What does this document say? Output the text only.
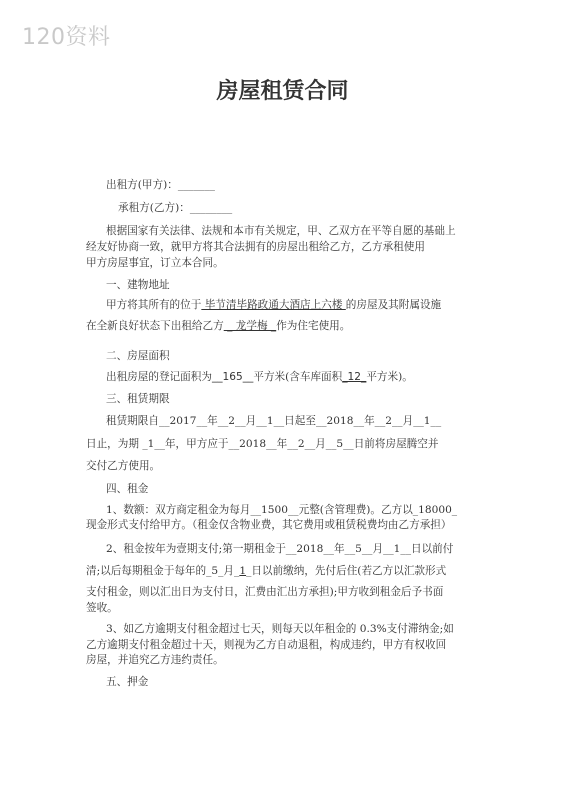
120资料
房屋租赁合同
出租方(甲方)：_______
承租方(乙方)：________
根据国家有关法律、法规和本市有关规定，甲、乙双方在平等自愿的基础上
经友好协商一致，就甲方将其合法拥有的房屋出租给乙方，乙方承租使用
甲方房屋事宜，订立本合同。
一、建物地址
甲方将其所有的位于 毕节清毕路政通大酒店上六楼 的房屋及其附属设施
在全新良好状态下出租给乙方 _ 龙学梅 _作为住宅使用。
二、房屋面积
出租房屋的登记面积为__165__平方米(含车库面积_12_平方米)。
三、租赁期限
租赁期限自__2017__年__2__月__1__日起至__2018__年__2__月__1__
日止，为期 _1__年，甲方应于__2018__年__2__月__5__日前将房屋腾空并
交付乙方使用。
四、租金
1、数额：双方商定租金为每月__1500__元整(含管理费)。乙方以_18000_
现金形式支付给甲方。（租金仅含物业费，其它费用或租赁税费均由乙方承担）
2、租金按年为壹期支付;第一期租金于__2018__年__5__月__1__日以前付
清;以后每期租金于每年的_5_月_1_日以前缴纳，先付后住(若乙方以汇款形式
支付租金，则以汇出日为支付日，汇费由汇出方承担);甲方收到租金后予书面
签收。
3、如乙方逾期支付租金超过七天，则每天以年租金的 0.3%支付滞纳金;如
乙方逾期支付租金超过十天，则视为乙方自动退租，构成违约，甲方有权收回
房屋，并追究乙方违约责任。
五、押金
